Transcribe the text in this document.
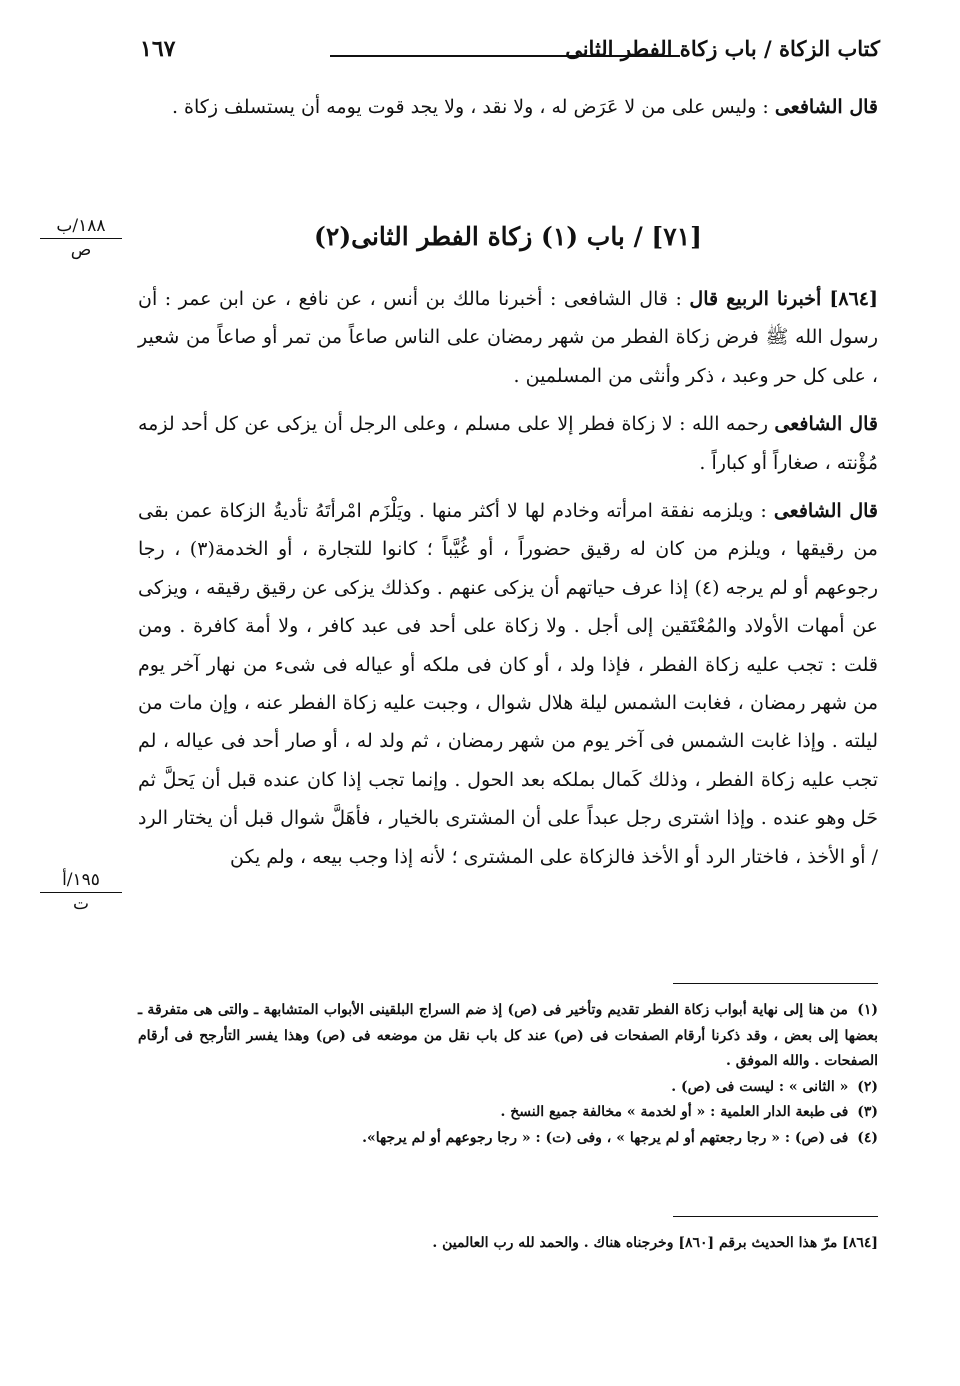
كتاب الزكاة / باب زكاة الفطر الثانى
١٦٧
قال الشافعى : وليس على من لا عَرَض له ، ولا نقد ، ولا يجد قوت يومه أن يستسلف زكاة .
١٨٨/ب
ص	[٧١] / باب (١) زكاة الفطر الثانى(٢)

[٨٦٤] أخبرنا الربيع قال : قال الشافعى : أخبرنا مالك بن أنس ، عن نافع ، عن ابن عمر : أن رسول الله ﷺ فرض زكاة الفطر من شهر رمضان على الناس صاعاً من تمر أو صاعاً من شعير ، على كل حر وعبد ، ذكر وأنثى من المسلمين .

قال الشافعى رحمه الله : لا زكاة فطر إلا على مسلم ، وعلى الرجل أن يزكى عن كل أحد لزمه مُؤْنته ، صغاراً أو كباراً .

قال الشافعى : ويلزمه نفقة امرأته وخادم لها لا أكثر منها . ويَلْزَم امْرأتَهُ تأديةُ الزكاة عمن بقى من رقيقها ، ويلزم من كان له رقيق حضوراً ، أو غُيَّباً ؛ كانوا للتجارة ، أو الخدمة(٣) ، رجا رجوعهم أو لم يرجه (٤) إذا عرف حياتهم أن يزكى عنهم . وكذلك يزكى عن رقيق رقيقه ، ويزكى عن أمهات الأولاد والمُعْتَقين إلى أجل . ولا زكاة على أحد فى عبد كافر ، ولا أمة كافرة . ومن قلت : تجب عليه زكاة الفطر ، فإذا ولد ، أو كان فى ملكه أو عياله فى شىء من نهار آخر يوم من شهر رمضان ، فغابت الشمس ليلة هلال شوال ، وجبت عليه زكاة الفطر عنه ، وإن مات من ليلته . وإذا غابت الشمس فى آخر يوم من شهر رمضان ، ثم ولد له ، أو صار أحد فى عياله ، لم تجب عليه زكاة الفطر ، وذلك كَمال بملكه بعد الحول . وإنما تجب إذا كان عنده قبل أن يَحلَّ ثم حَل وهو عنده . وإذا اشترى رجل عبداً على أن المشترى بالخيار ، فأهَلَّ شوال قبل أن يختار الرد / أو الأخذ ، فاختار الرد أو الأخذ فالزكاة على المشترى ؛ لأنه إذا وجب بيعه ، ولم يكن

١٩٥/أ
ت

(١) من هنا إلى نهاية أبواب زكاة الفطر تقديم وتأخير فى (ص) إذ ضم السراج البلقينى الأبواب المتشابهة ـ والتى هى متفرقة ـ بعضها إلى بعض ، وقد ذكرنا أرقام الصفحات فى (ص) عند كل باب نقل من موضعه فى (ص) وهذا يفسر التأرجح فى أرقام الصفحات . والله الموفق .

(٢) « الثانى » : ليست فى (ص) .

(٣) فى طبعة الدار العلمية : « أو لخدمة » مخالفة جميع النسخ .

(٤) فى (ص) : « رجا رجعتهم أو لم يرجها » ، وفى (ت) : « رجا رجوعهم أو لم يرجها».

[٨٦٤] مرّ هذا الحديث برقم [٨٦٠] وخرجناه هناك . والحمد لله رب العالمين .
